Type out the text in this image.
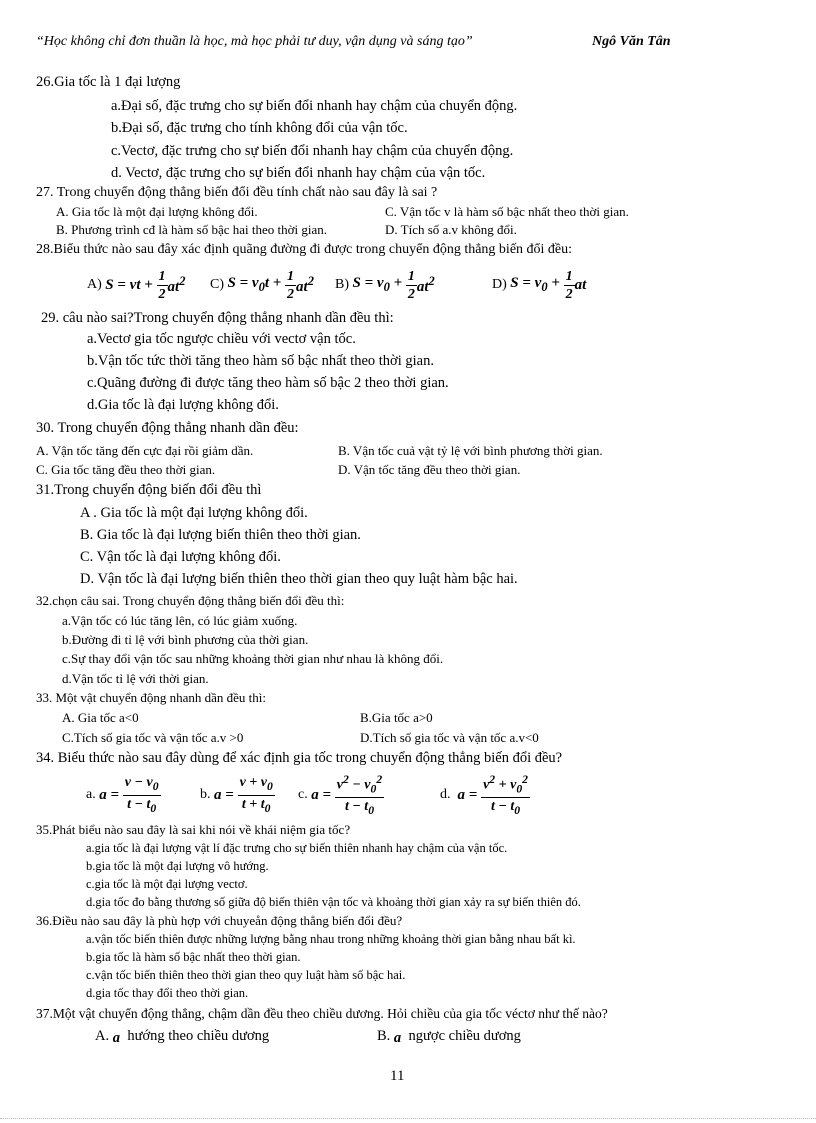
“Học không chỉ đơn thuần là học, mà học phải tư duy, vận dụng và sáng tạo”	Ngô Văn Tân
26.Gia tốc là 1 đại lượng
a.Đại số, đặc trưng cho sự biến đổi nhanh hay chậm của chuyển động.
b.Đại số, đặc trưng cho tính không đổi của vận tốc.
c.Vectơ, đặc trưng cho sự biến đổi nhanh hay chậm của chuyển động.
d. Vectơ, đặc trưng cho sự biến đổi nhanh hay chậm của vận tốc.
27. Trong chuyển động thẳng biến đổi đều tính chất nào sau đây là sai ?
A. Gia tốc là một đại lượng không đổi.	C. Vận tốc v là hàm số bậc nhất theo thời gian.
B. Phương trình cđ là hàm số bậc hai theo thời gian.	D. Tích số a.v không đổi.
28.Biểu thức nào sau đây xác định quãng đường đi được trong chuyển động thẳng biến đổi đều:
A)
S = vt + $\frac{1}{2} at^2$ C)
$S = v_0t + \frac{1}{2} at^2$ B)
$S = v_0 + \frac{1}{2} at^2$	D)
$S = v_0 + \frac{1}{2}$ at
29. câu nào sai?Trong chuyển động thẳng nhanh dần đều thì:
a.Vectơ gia tốc ngược chiều với vectơ vận tốc.
b.Vận tốc tức thời tăng theo hàm số bậc nhất theo thời gian.
c.Quãng đường đi được tăng theo hàm số bậc 2 theo thời gian.
d.Gia tốc là đại lượng không đổi.
30. Trong chuyển động thẳng nhanh dần đều:
A. Vận tốc tăng đến cực đại rồi giảm dần.	B. Vận tốc cuả vật tỷ lệ với bình phương thời gian.
C. Gia tốc tăng đều theo thời gian.	D. Vận tốc tăng đều theo thời gian.
31.Trong chuyển động biến đổi đều thì
A . Gia tốc là một đại lượng không đổi.
B. Gia tốc là đại lượng biến thiên theo thời gian.
C. Vận tốc là đại lượng không đổi.
D. Vận tốc là đại lượng biến thiên theo thời gian theo quy luật hàm bậc hai.
32.chọn câu sai. Trong chuyển động thẳng biến đổi đều thì:
a.Vận tốc có lúc tăng lên, có lúc giảm xuống.
b.Đường đi tỉ lệ với bình phương của thời gian.
c.Sự thay đổi vận tốc sau những khoảng thời gian như nhau là không đổi.
d.Vận tốc tỉ lệ với thời gian.
33. Một vật chuyển động nhanh dần đều thì:
A. Gia tốc a<0	B.Gia tốc a>0
C.Tích số gia tốc và vận tốc a.v >0	D.Tích số gia tốc và vận tốc a.v<0
34. Biểu thức nào sau đây dùng để xác định gia tốc trong chuyển động thẳng biến đổi đều?
a.
$a = \frac{v - v_0}{t - t_0}$	b.
$a = \frac{v + v_0}{t + t_0} c$.
$a = \frac{v^2 - v_0^2}{t - t_0}$	d.
$a = \frac{v^2 + v_0^2}{t - t_0}$
35.Phát biểu nào sau đây là sai khi nói về khái niệm gia tốc?
a.gia tốc là đại lượng vật lí đặc trưng cho sự biến thiên nhanh hay chậm của vận tốc.
b.gia tốc là một đại lượng vô hướng.
c.gia tốc là một đại lượng vectơ.
d.gia tốc đo bằng thương số giữa độ biến thiên vận tốc và khoảng thời gian xảy ra sự biến thiên đó.
36.Điều nào sau đây là phù hợp với chuyeån động thẳng biến đổi đều?
a.vận tốc biến thiên được những lượng bằng nhau trong những khoảng thời gian bằng nhau bất kì.
b.gia tốc là hàm số bậc nhất theo thời gian.
c.vận tốc biến thiên theo thời gian theo quy luật hàm số bậc hai.
d.gia tốc thay đổi theo thời gian.
37.Một vật chuyển động thẳng, chậm dần đều theo chiều dương. Hỏi chiều của gia tốc véctơ như thế nào?
A. a hướng theo chiều dương	B. a ngược chiều dương
11
